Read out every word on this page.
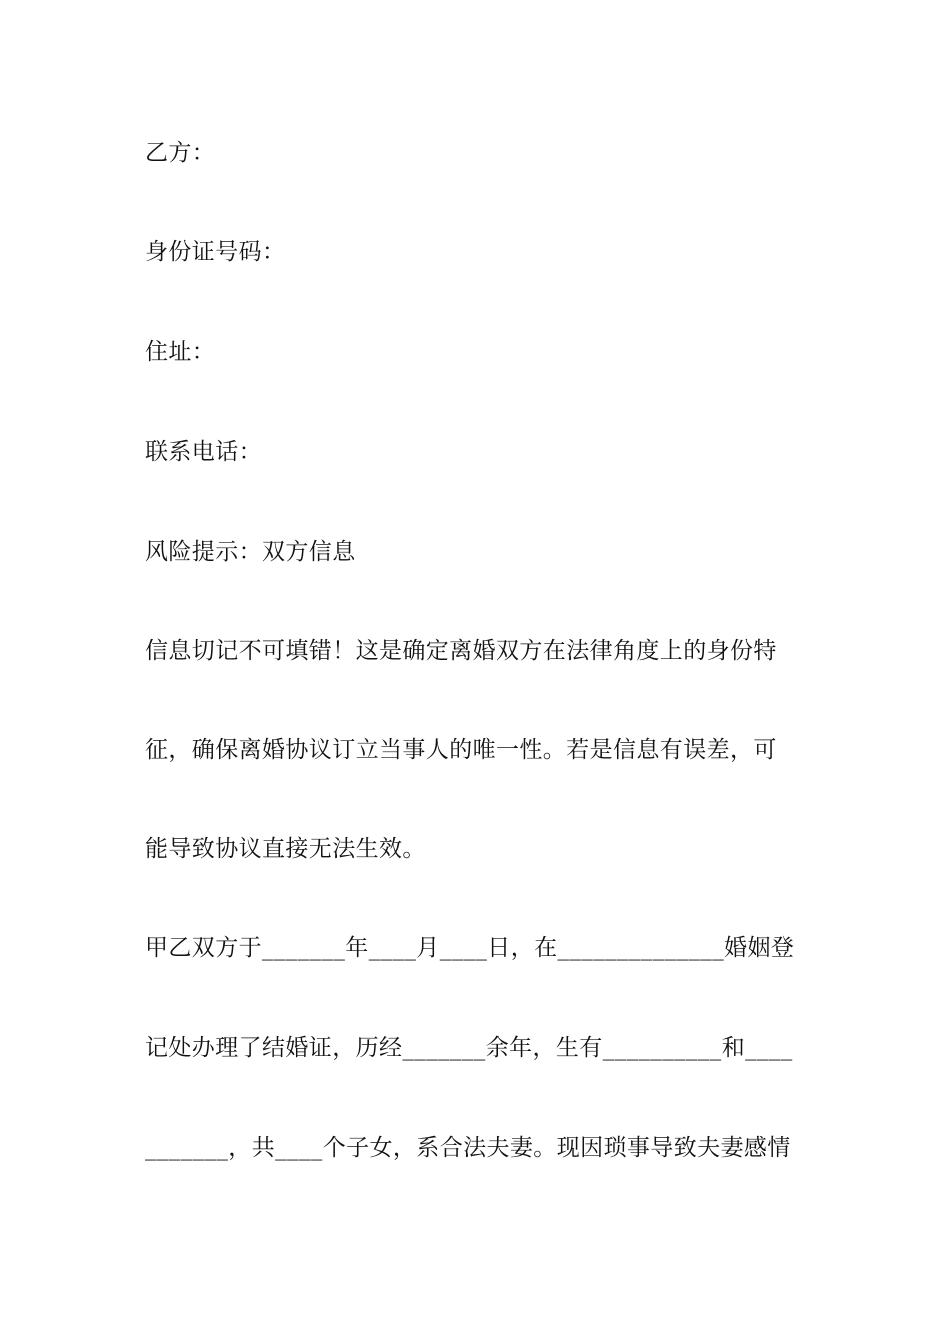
乙方：
身份证号码：
住址：
联系电话：
风险提示：双方信息
信息切记不可填错！这是确定离婚双方在法律角度上的身份特
征，确保离婚协议订立当事人的唯一性。若是信息有误差，可
能导致协议直接无法生效。
甲乙双方于_______年____月____日，在______________婚姻登
记处办理了结婚证，历经_______余年，生有__________和____
_______，共____个子女，系合法夫妻。现因琐事导致夫妻感情
